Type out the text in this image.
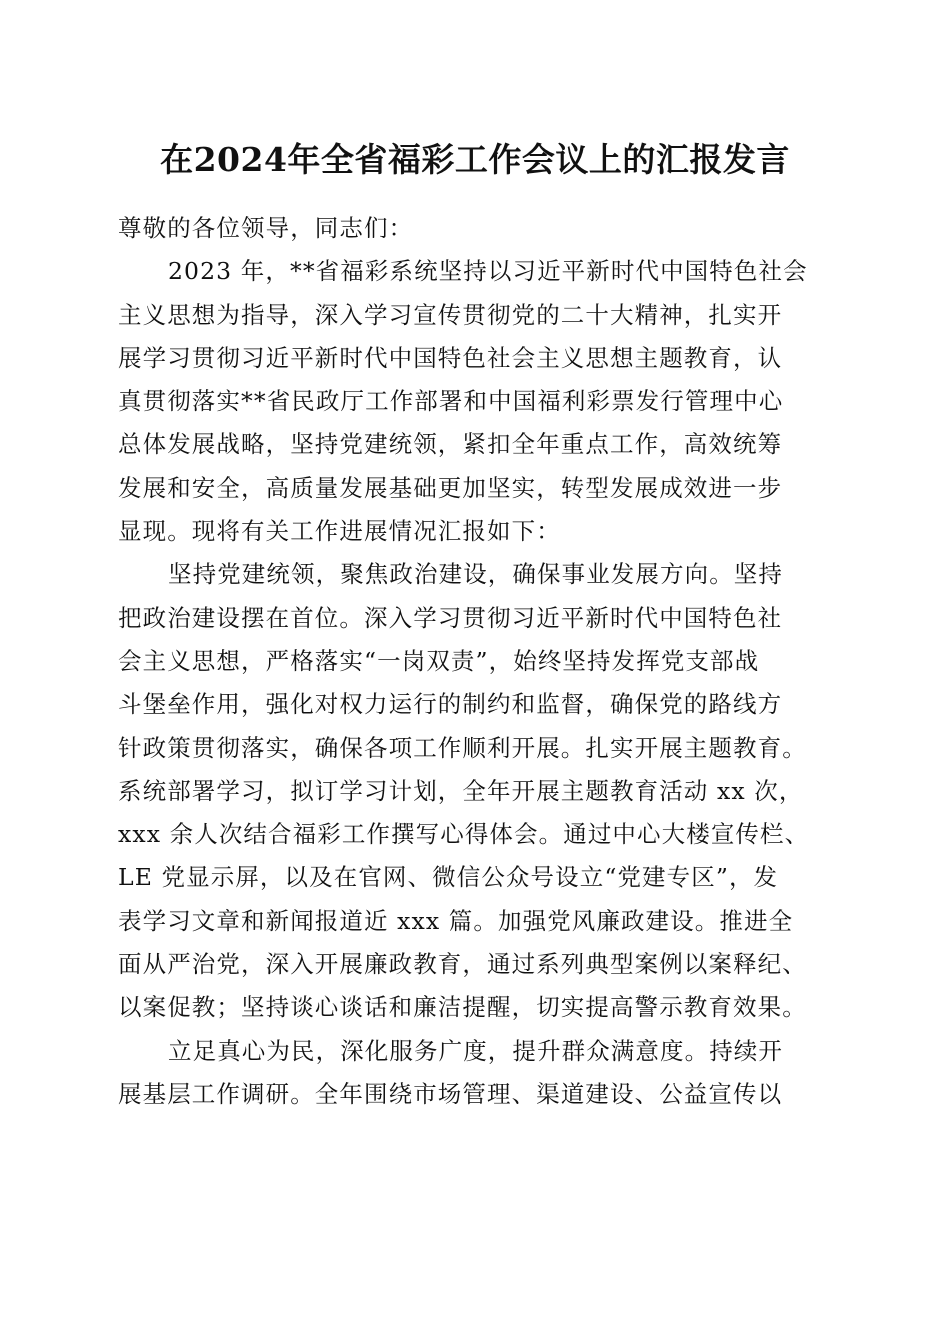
在2024年全省福彩工作会议上的汇报发言
尊敬的各位领导，同志们：
2023 年，**省福彩系统坚持以习近平新时代中国特色社会
主义思想为指导，深入学习宣传贯彻党的二十大精神，扎实开
展学习贯彻习近平新时代中国特色社会主义思想主题教育，认
真贯彻落实**省民政厅工作部署和中国福利彩票发行管理中心
总体发展战略，坚持党建统领，紧扣全年重点工作，高效统筹
发展和安全，高质量发展基础更加坚实，转型发展成效进一步
显现。现将有关工作进展情况汇报如下：
坚持党建统领，聚焦政治建设，确保事业发展方向。坚持
把政治建设摆在首位。深入学习贯彻习近平新时代中国特色社
会主义思想，严格落实“一岗双责”，始终坚持发挥党支部战
斗堡垒作用，强化对权力运行的制约和监督，确保党的路线方
针政策贯彻落实，确保各项工作顺利开展。扎实开展主题教育。
系统部署学习，拟订学习计划，全年开展主题教育活动 xx 次，
xxx 余人次结合福彩工作撰写心得体会。通过中心大楼宣传栏、
LE 党显示屏，以及在官网、微信公众号设立“党建专区”，发
表学习文章和新闻报道近 xxx 篇。加强党风廉政建设。推进全
面从严治党，深入开展廉政教育，通过系列典型案例以案释纪、
以案促教；坚持谈心谈话和廉洁提醒，切实提高警示教育效果。
立足真心为民，深化服务广度，提升群众满意度。持续开
展基层工作调研。全年围绕市场管理、渠道建设、公益宣传以
